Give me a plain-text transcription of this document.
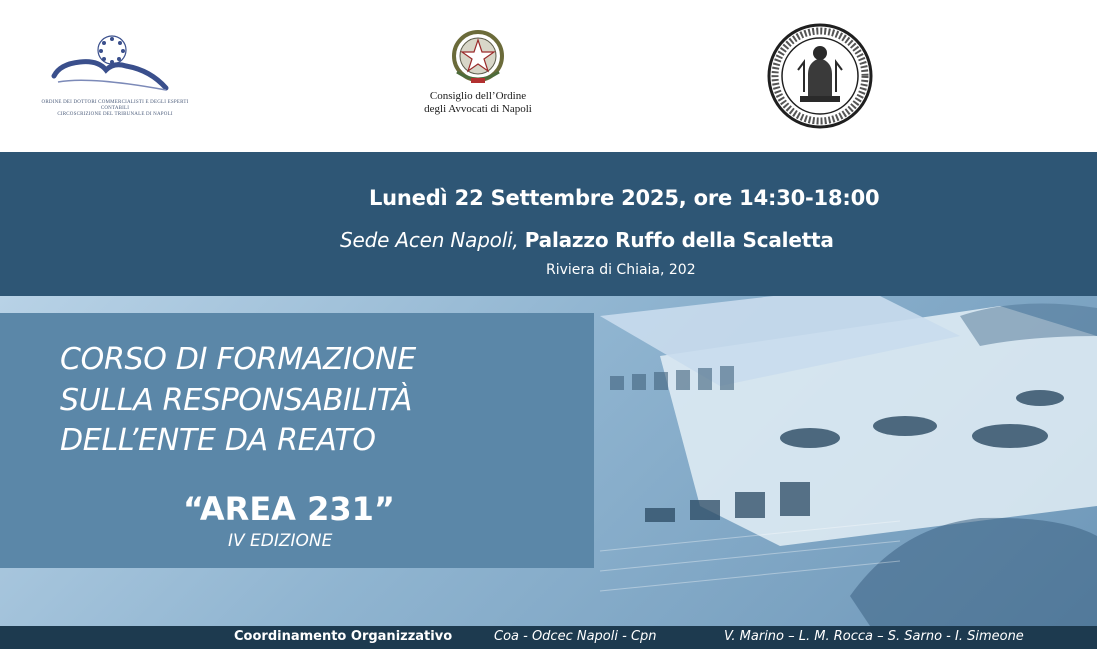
ORDINE DEI DOTTORI COMMERCIALISTI E DEGLI ESPERTI CONTABILI
CIRCOSCRIZIONE DEL TRIBUNALE DI NAPOLI
Consiglio dell’Ordine
degli Avvocati di Napoli
Lunedì 22 Settembre 2025, ore 14:30-18:00
Sede Acen Napoli, Palazzo Ruffo della Scaletta
Riviera di Chiaia, 202
CORSO DI FORMAZIONE
SULLA RESPONSABILITÀ
DELL’ENTE DA REATO
“AREA 231”
IV EDIZIONE
Coordinamento Organizzativo	Coa - Odcec Napoli - Cpn	V. Marino – L. M. Rocca – S. Sarno - I. Simeone
